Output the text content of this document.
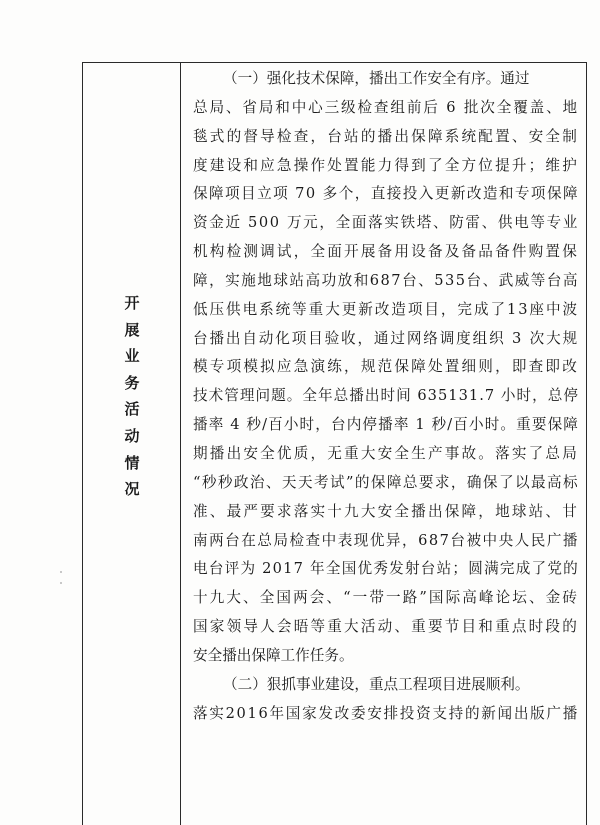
开
展
业
务
活
动
情
况
（一）强化技术保障，播出工作安全有序。通过
总局、省局和中心三级检查组前后 6 批次全覆盖、地
毯式的督导检查，台站的播出保障系统配置、安全制
度建设和应急操作处置能力得到了全方位提升；维护
保障项目立项 70 多个，直接投入更新改造和专项保障
资金近 500 万元，全面落实铁塔、防雷、供电等专业
机构检测调试，全面开展备用设备及备品备件购置保
障，实施地球站高功放和687台、535台、武威等台高
低压供电系统等重大更新改造项目，完成了13座中波
台播出自动化项目验收，通过网络调度组织 3 次大规
模专项模拟应急演练，规范保障处置细则，即查即改
技术管理问题。全年总播出时间 635131.7 小时，总停
播率 4 秒/百小时，台内停播率 1 秒/百小时。重要保障
期播出安全优质，无重大安全生产事故。落实了总局
“秒秒政治、天天考试”的保障总要求，确保了以最高标
准、最严要求落实十九大安全播出保障，地球站、甘
南两台在总局检查中表现优异，687台被中央人民广播
电台评为 2017 年全国优秀发射台站；圆满完成了党的
十九大、全国两会、“一带一路”国际高峰论坛、金砖
国家领导人会晤等重大活动、重要节目和重点时段的
安全播出保障工作任务。
（二）狠抓事业建设，重点工程项目进展顺利。
落实2016年国家发改委安排投资支持的新闻出版广播
